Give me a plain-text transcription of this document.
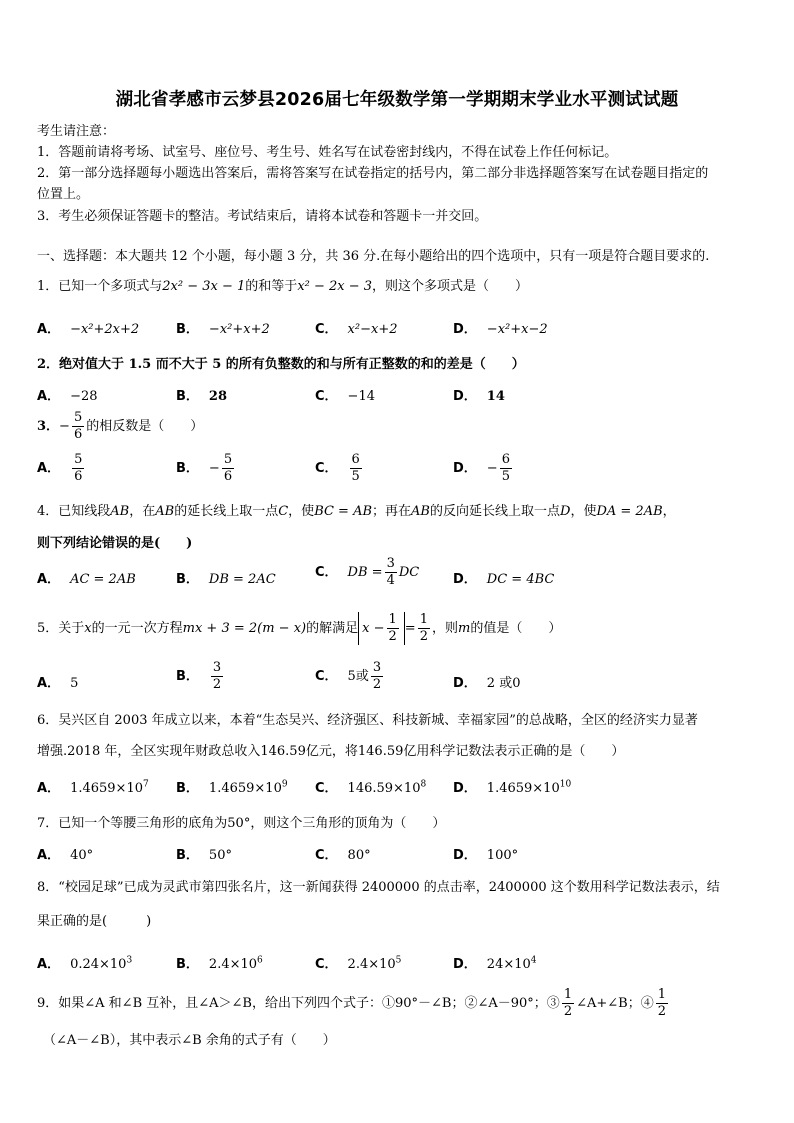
湖北省孝感市云梦县2026届七年级数学第一学期期末学业水平测试试题
考生请注意：
1．答题前请将考场、试室号、座位号、考生号、姓名写在试卷密封线内，不得在试卷上作任何标记。
2．第一部分选择题每小题选出答案后，需将答案写在试卷指定的括号内，第二部分非选择题答案写在试卷题目指定的
位置上。
3．考生必须保证答题卡的整洁。考试结束后，请将本试卷和答题卡一并交回。
一、选择题：本大题共 12 个小题，每小题 3 分，共 36 分.在每小题给出的四个选项中，只有一项是符合题目要求的.
1．已知一个多项式与2x² − 3x − 1的和等于x² − 2x − 3，则这个多项式是（　　）
A． −x²+2x+2	B． −x²+x+2	C． x²−x+2	D． −x²+x−2
2．绝对值大于 1.5 而不大于 5 的所有负整数的和与所有正整数的和的差是（　　）
A． −28	B． 28	C． −14	D． 14
3．− $\frac{5}{6}$ 的相反数是（　　）
A． $\frac{5}{6}$	B． − $\frac{5}{6}$	C． $\frac{6}{5}$	D． − $\frac{6}{5}$
4．已知线段AB，在AB的延长线上取一点C，使BC = AB；再在AB的反向延长线上取一点D，使DA = 2AB，
则下列结论错误的是(　　)
A． AC = 2AB	B． DB = 2AC	C． DB = $\frac{3}{4}$ DC	D． DC = 4BC
5．关于x的一元一次方程mx + 3 = 2(m − x)的解满足 $x - \frac{1}{2} = \frac{1}{2}$ ，则m的值是（　　）
A． 5	B． $\frac{3}{2}$	C． 5或 $\frac{3}{2}$	D． 2 或0
6．吴兴区自 2003 年成立以来，本着“生态吴兴、经济强区、科技新城、幸福家园”的总战略，全区的经济实力显著
增强.2018 年，全区实现年财政总收入146.59亿元，将146.59亿用科学记数法表示正确的是（　　）
A． $1.4659\times 10^7$ B． $1.4659\times 10^9$ C． $146.59\times 10^8$ D． $1.4659\times 10^{10}$
7．已知一个等腰三角形的底角为50°，则这个三角形的顶角为（　　）
A． 40°	B． 50°	C． 80°	D． 100°
8．“校园足球”已成为灵武市第四张名片，这一新闻获得 2400000 的点击率，2400000 这个数用科学记数法表示，结
果正确的是(　　　)
A． $0.24\times 10^3$	B． $2.4\times 10^6$	C． $2.4\times 10^5$	D． $24\times 10^4$
9．如果∠A 和∠B 互补，且∠A＞∠B，给出下列四个式子：①90°－∠B；②∠A－90°；③ $\frac{1}{2}$ ∠A+∠B；④ $\frac{1}{2}$
（∠A－∠B），其中表示∠B 余角的式子有（　　）
